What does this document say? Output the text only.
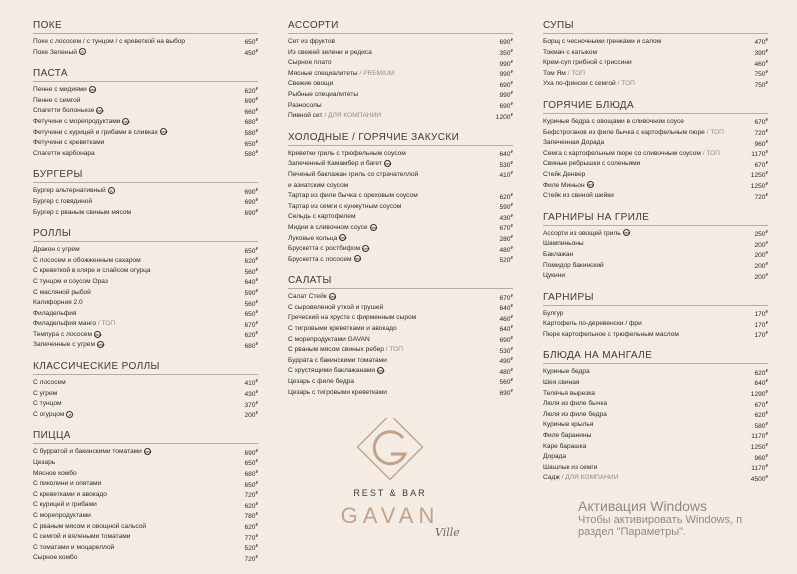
ПОКЕ
Поке с лососем / с тунцом / с креветкой на выбор	650₽
Поке Зеленый ⊘	450₽
ПАСТА
Пенне с мидиями new	620₽
Пенне с семгой	690₽
Спагетти болоньезе new	660₽
Фетучини с морепродуктами new	680₽
Фетучини с курицей и грибами в сливках new	580₽
Фетучини с креветками	650₽
Спагетти карбонара	580₽
БУРГЕРЫ
Бургер альтернативный ⊘	690₽
Бургер с говядиной	690₽
Бургер с рваным свиным мясом	690₽
РОЛЛЫ
Дракон с угрем	650₽
С лососем и обожженным сахаром	620₽
С креветкой в кляре и слайсом огурца	560₽
С тунцом и соусом Ораз	640₽
С масляной рыбой	590₽
Калифорния 2.0	560₽
Филадельфия	650₽
Филадельфия манго / ТОП	670₽
Темпура с лососем new	620₽
Запеченные с угрем new	680₽
КЛАССИЧЕСКИЕ РОЛЛЫ
С лососем	410₽
С угрем	430₽
С тунцом	370₽
С огурцом ⊘	200₽
ПИЦЦА
С бурратой и бакинскими томатами new	690₽
Цезарь	650₽
Мясное комбо	680₽
С пиколини и опятами	650₽
С креветками и авокадо	720₽
С курицей и грибами	620₽
С морепродуктами	780₽
С рваным мясом и овощной сальсой	620₽
С семгой и вялеными томатами	770₽
С томатами и моцареллой	520₽
Сырное комбо	720₽
АССОРТИ
Сет из фруктов	690₽
Из свежей зелени и редиса	350₽
Сырное плато	990₽
Мясные специалитеты / PREMIUM	990₽
Свежие овощи	690₽
Рыбные специалитеты	990₽
Разносолы	690₽
Пивной сет / ДЛЯ КОМПАНИИ	1200₽
ХОЛОДНЫЕ / ГОРЯЧИЕ ЗАКУСКИ
Креветки гриль с трюфельным соусом	640₽
Запеченный Камамбер и багет new	530₽
Печеный баклажан гриль со страчателлой	410₽
и азиатским соусом
Тартар из филе бычка с ореховым соусом	620₽
Тартар из семги с кунжутным соусом	590₽
Сельдь с картофелем	430₽
Мидии в сливочном соусе new	670₽
Луковые кольца new	280₽
Брускетта с ростбифом new	480₽
Брускетта с лососем new	520₽
САЛАТЫ
Салат Стейк new	670₽
С сыровяленой уткой и грушей	640₽
Греческий на хрусте с фирменным сыром	460₽
С тигровыми креветками и авокадо	640₽
С морепродуктами GAVAN	690₽
С рваным мясом свиных ребер / ТОП	530₽
Буррата с бакинскими томатами	490₽
С хрустящими баклажанами new	480₽
Цезарь с филе бедра	560₽
Цезарь с тигровыми креветками	690₽
СУПЫ
Борщ с чесночными гренками и салом	470₽
Токмач с катыком	390₽
Крем-суп грибной с гриссини	460₽
Том Ям / ТОП	750₽
Уха по-фински с семгой / ТОП	750₽
ГОРЯЧИЕ БЛЮДА
Куриные бедра с овощами в сливочном соусе	670₽
Бефстроганов из филе бычка с картофельным пюре / ТОП	720₽
Запеченная Дорада	960₽
Семга с картофельным пюре со сливочным соусом / ТОП	1170₽
Свиные ребрышки с соленьями	670₽
Стейк Денвер	1250₽
Филе Миньон new	1250₽
Стейк из свиной шейки	720₽
ГАРНИРЫ НА ГРИЛЕ
Ассорти из овощей гриль new	250₽
Шампиньоны	200₽
Баклажан	200₽
Помидор бакинский	200₽
Цукини	200₽
ГАРНИРЫ
Булгур	170₽
Картофель по-деревенски / фри	170₽
Пюре картофельное с трюфельным маслом	170₽
БЛЮДА НА МАНГАЛЕ
Куриные бедра	620₽
Шея свиная	640₽
Телячья вырезка	1290₽
Люля из филе бычка	670₽
Люля из филе бедра	620₽
Куриные крылья	580₽
Филе баранины	1170₽
Каре барашка	1250₽
Дорада	960₽
Шашлык из семги	1170₽
Садж / ДЛЯ КОМПАНИИ	4500₽
REST & BAR
GAVAN
Ville
Активация Windows
Чтобы активировать Windows, п
раздел "Параметры".
